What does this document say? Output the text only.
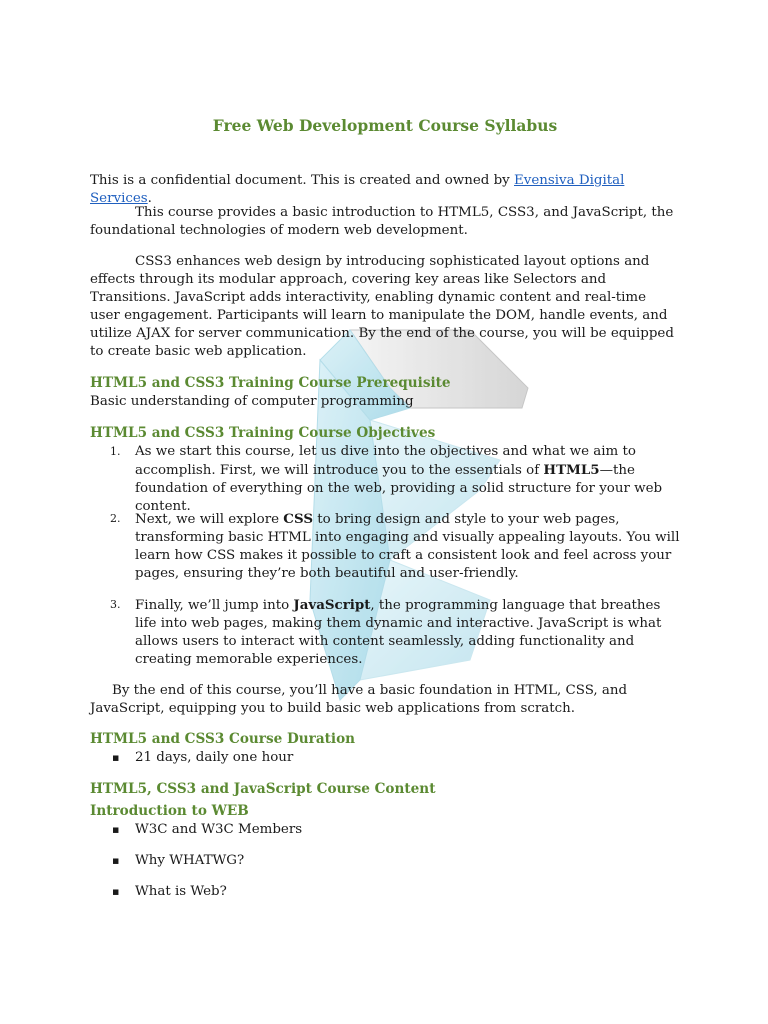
Free Web Development Course Syllabus

This is a confidential document. This is created and owned by Evensiva Digital Services.

This course provides a basic introduction to HTML5, CSS3, and JavaScript, the foundational technologies of modern web development.

CSS3 enhances web design by introducing sophisticated layout options and effects through its modular approach, covering key areas like Selectors and Transitions. JavaScript adds interactivity, enabling dynamic content and real-time user engagement. Participants will learn to manipulate the DOM, handle events, and utilize AJAX for server communication. By the end of the course, you will be equipped to create basic web application.

HTML5 and CSS3 Training Course Prerequisite

Basic understanding of computer programming

HTML5 and CSS3 Training Course Objectives
1. As we start this course, let us dive into the objectives and what we aim to accomplish. First, we will introduce you to the essentials of HTML5—the foundation of everything on the web, providing a solid structure for your web content.
2. Next, we will explore CSS to bring design and style to your web pages, transforming basic HTML into engaging and visually appealing layouts. You will learn how CSS makes it possible to craft a consistent look and feel across your pages, ensuring they’re both beautiful and user-friendly.
3. Finally, we’ll jump into JavaScript, the programming language that breathes life into web pages, making them dynamic and interactive. JavaScript is what allows users to interact with content seamlessly, adding functionality and creating memorable experiences.

By the end of this course, you’ll have a basic foundation in HTML, CSS, and JavaScript, equipping you to build basic web applications from scratch.

HTML5 and CSS3 Course Duration
▪ 21 days, daily one hour
HTML5, CSS3 and JavaScript Course Content
Introduction to WEB
▪ W3C and W3C Members
▪ Why WHATWG?
▪ What is Web?
